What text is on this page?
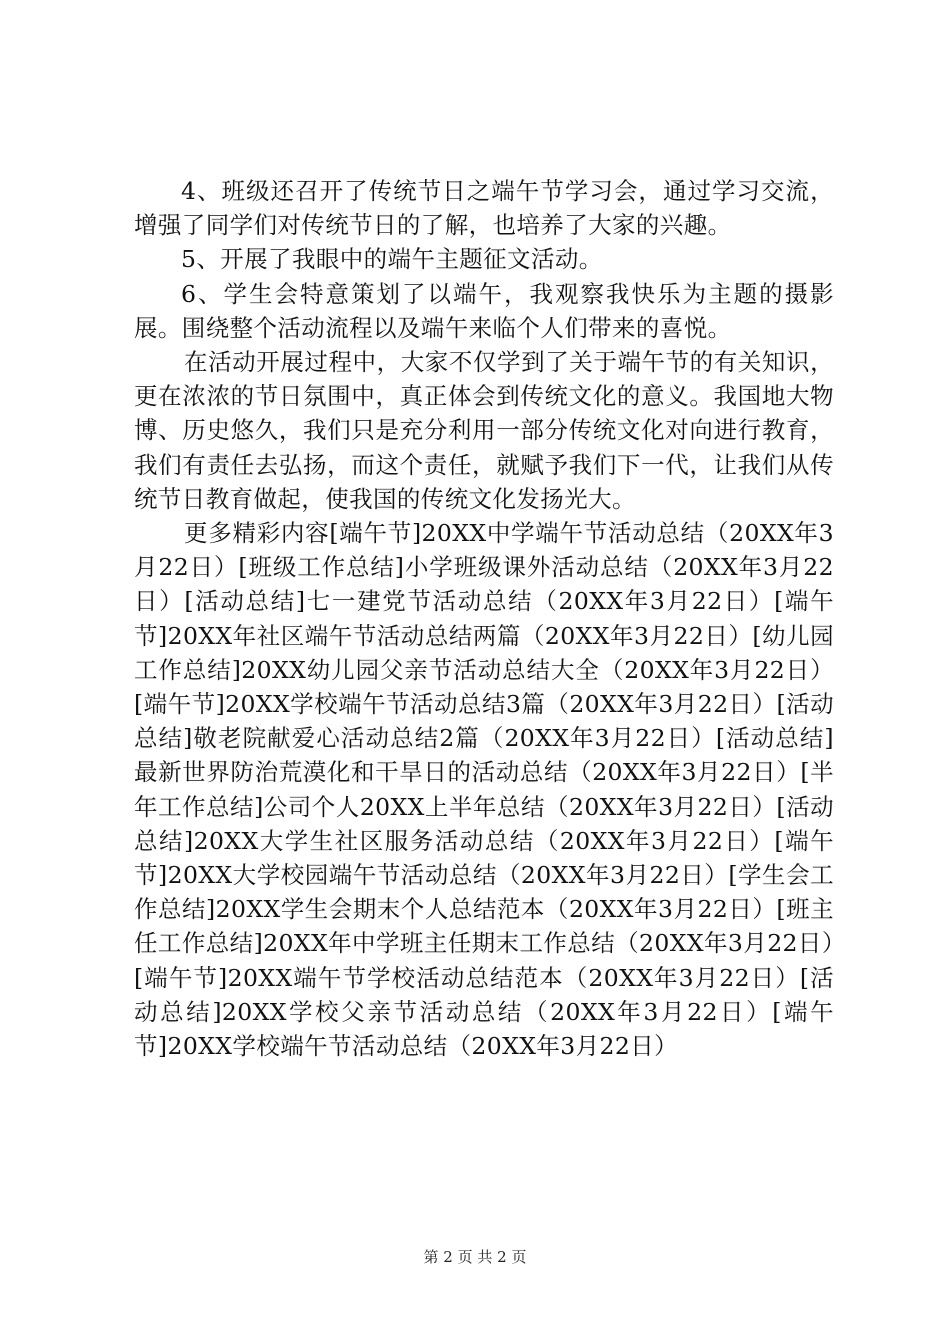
4、班级还召开了传统节日之端午节学习会，通过学习交流，增强了同学们对传统节日的了解，也培养了大家的兴趣。

5、开展了我眼中的端午主题征文活动。

6、学生会特意策划了以端午，我观察我快乐为主题的摄影展。围绕整个活动流程以及端午来临个人们带来的喜悦。

在活动开展过程中，大家不仅学到了关于端午节的有关知识，更在浓浓的节日氛围中，真正体会到传统文化的意义。我国地大物博、历史悠久，我们只是充分利用一部分传统文化对向进行教育，我们有责任去弘扬，而这个责任，就赋予我们下一代，让我们从传统节日教育做起，使我国的传统文化发扬光大。

更多精彩内容[端午节]20XX中学端午节活动总结（20XX年3月22日）[班级工作总结]小学班级课外活动总结（20XX年3月22日）[活动总结]七一建党节活动总结（20XX年3月22日）[端午节]20XX年社区端午节活动总结两篇（20XX年3月22日）[幼儿园工作总结]20XX幼儿园父亲节活动总结大全（20XX年3月22日）[端午节]20XX学校端午节活动总结3篇（20XX年3月22日）[活动总结]敬老院献爱心活动总结2篇（20XX年3月22日）[活动总结]最新世界防治荒漠化和干旱日的活动总结（20XX年3月22日）[半年工作总结]公司个人20XX上半年总结（20XX年3月22日）[活动总结]20XX大学生社区服务活动总结（20XX年3月22日）[端午节]20XX大学校园端午节活动总结（20XX年3月22日）[学生会工作总结]20XX学生会期末个人总结范本（20XX年3月22日）[班主任工作总结]20XX年中学班主任期末工作总结（20XX年3月22日）[端午节]20XX端午节学校活动总结范本（20XX年3月22日）[活动总结]20XX学校父亲节活动总结（20XX年3月22日）[端午节]20XX学校端午节活动总结（20XX年3月22日）

第 2 页 共 2 页
